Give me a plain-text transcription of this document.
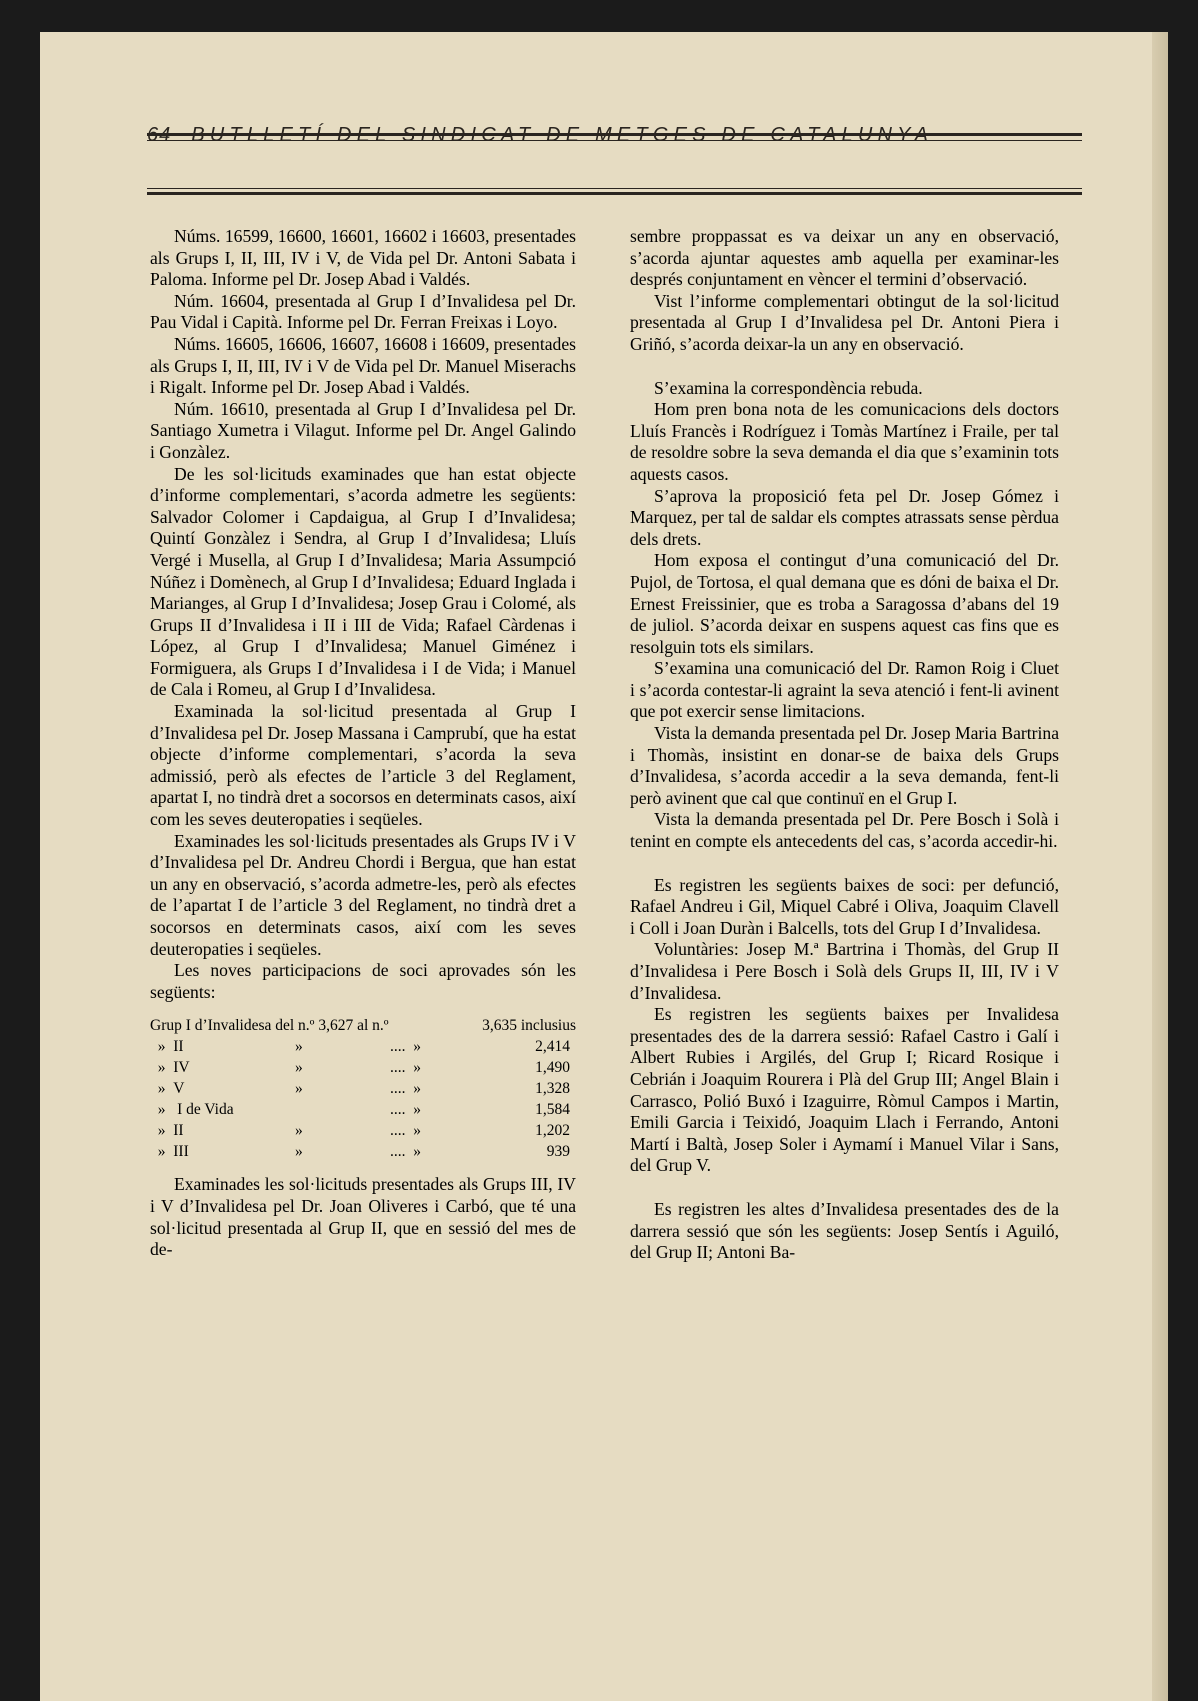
64 BUTLLETÍ DEL SINDICAT DE METGES DE CATALUNYA

Núms. 16599, 16600, 16601, 16602 i 16603, presentades als Grups I, II, III, IV i V, de Vida pel Dr. Antoni Sabata i Paloma. Informe pel Dr. Josep Abad i Valdés.

Núm. 16604, presentada al Grup I d’Invalidesa pel Dr. Pau Vidal i Capità. Informe pel Dr. Ferran Freixas i Loyo.

Núms. 16605, 16606, 16607, 16608 i 16609, presentades als Grups I, II, III, IV i V de Vida pel Dr. Manuel Miserachs i Rigalt. Informe pel Dr. Josep Abad i Valdés.

Núm. 16610, presentada al Grup I d’Invalidesa pel Dr. Santiago Xumetra i Vilagut. Informe pel Dr. Angel Galindo i Gonzàlez.

De les sol·licituds examinades que han estat objecte d’informe complementari, s’acorda admetre les següents: Salvador Colomer i Capdaigua, al Grup I d’Invalidesa; Quintí Gonzàlez i Sendra, al Grup I d’Invalidesa; Lluís Vergé i Musella, al Grup I d’Invalidesa; Maria Assumpció Núñez i Domènech, al Grup I d’Invalidesa; Eduard Inglada i Marianges, al Grup I d’Invalidesa; Josep Grau i Colomé, als Grups II d’Invalidesa i II i III de Vida; Rafael Càrdenas i López, al Grup I d’Invalidesa; Manuel Giménez i Formiguera, als Grups I d’Invalidesa i I de Vida; i Manuel de Cala i Romeu, al Grup I d’Invalidesa.

Examinada la sol·licitud presentada al Grup I d’Invalidesa pel Dr. Josep Massana i Camprubí, que ha estat objecte d’informe complementari, s’acorda la seva admissió, però als efectes de l’article 3 del Reglament, apartat I, no tindrà dret a socorsos en determinats casos, així com les seves deuteropaties i seqüeles.

Examinades les sol·licituds presentades als Grups IV i V d’Invalidesa pel Dr. Andreu Chordi i Bergua, que han estat un any en observació, s’acorda admetre-les, però als efectes de l’apartat I de l’article 3 del Reglament, no tindrà dret a socorsos en determinats casos, així com les seves deuteropaties i seqüeles.

Les noves participacions de soci aprovades són les següents:

Grup I d’Invalidesa del n.º 3,627 al n.º			3,635 inclusius
» II	»	.... »	2,414
» IV	»	.... »	1,490
» V	»	.... »	1,328
» I de Vida		.... »	1,584
» II	»	.... »	1,202
» III	»	.... »	939

Examinades les sol·licituds presentades als Grups III, IV i V d’Invalidesa pel Dr. Joan Oliveres i Carbó, que té una sol·licitud presentada al Grup II, que en sessió del mes de de-

sembre proppassat es va deixar un any en observació, s’acorda ajuntar aquestes amb aquella per examinar-les després conjuntament en vèncer el termini d’observació.

Vist l’informe complementari obtingut de la sol·licitud presentada al Grup I d’Invalidesa pel Dr. Antoni Piera i Griñó, s’acorda deixar-la un any en observació.

S’examina la correspondència rebuda.

Hom pren bona nota de les comunicacions dels doctors Lluís Francès i Rodríguez i Tomàs Martínez i Fraile, per tal de resoldre sobre la seva demanda el dia que s’examinin tots aquests casos.

S’aprova la proposició feta pel Dr. Josep Gómez i Marquez, per tal de saldar els comptes atrassats sense pèrdua dels drets.

Hom exposa el contingut d’una comunicació del Dr. Pujol, de Tortosa, el qual demana que es dóni de baixa el Dr. Ernest Freissinier, que es troba a Saragossa d’abans del 19 de juliol. S’acorda deixar en suspens aquest cas fins que es resolguin tots els similars.

S’examina una comunicació del Dr. Ramon Roig i Cluet i s’acorda contestar-li agraint la seva atenció i fent-li avinent que pot exercir sense limitacions.

Vista la demanda presentada pel Dr. Josep Maria Bartrina i Thomàs, insistint en donar-se de baixa dels Grups d’Invalidesa, s’acorda accedir a la seva demanda, fent-li però avinent que cal que continuï en el Grup I.

Vista la demanda presentada pel Dr. Pere Bosch i Solà i tenint en compte els antecedents del cas, s’acorda accedir-hi.

Es registren les següents baixes de soci: per defunció, Rafael Andreu i Gil, Miquel Cabré i Oliva, Joaquim Clavell i Coll i Joan Duràn i Balcells, tots del Grup I d’Invalidesa.

Voluntàries: Josep M.ª Bartrina i Thomàs, del Grup II d’Invalidesa i Pere Bosch i Solà dels Grups II, III, IV i V d’Invalidesa.

Es registren les següents baixes per Invalidesa presentades des de la darrera sessió: Rafael Castro i Galí i Albert Rubies i Argilés, del Grup I; Ricard Rosique i Cebrián i Joaquim Rourera i Plà del Grup III; Angel Blain i Carrasco, Polió Buxó i Izaguirre, Ròmul Campos i Martin, Emili Garcia i Teixidó, Joaquim Llach i Ferrando, Antoni Martí i Baltà, Josep Soler i Aymamí i Manuel Vilar i Sans, del Grup V.

Es registren les altes d’Invalidesa presentades des de la darrera sessió que són les següents: Josep Sentís i Aguiló, del Grup II; Antoni Ba-
